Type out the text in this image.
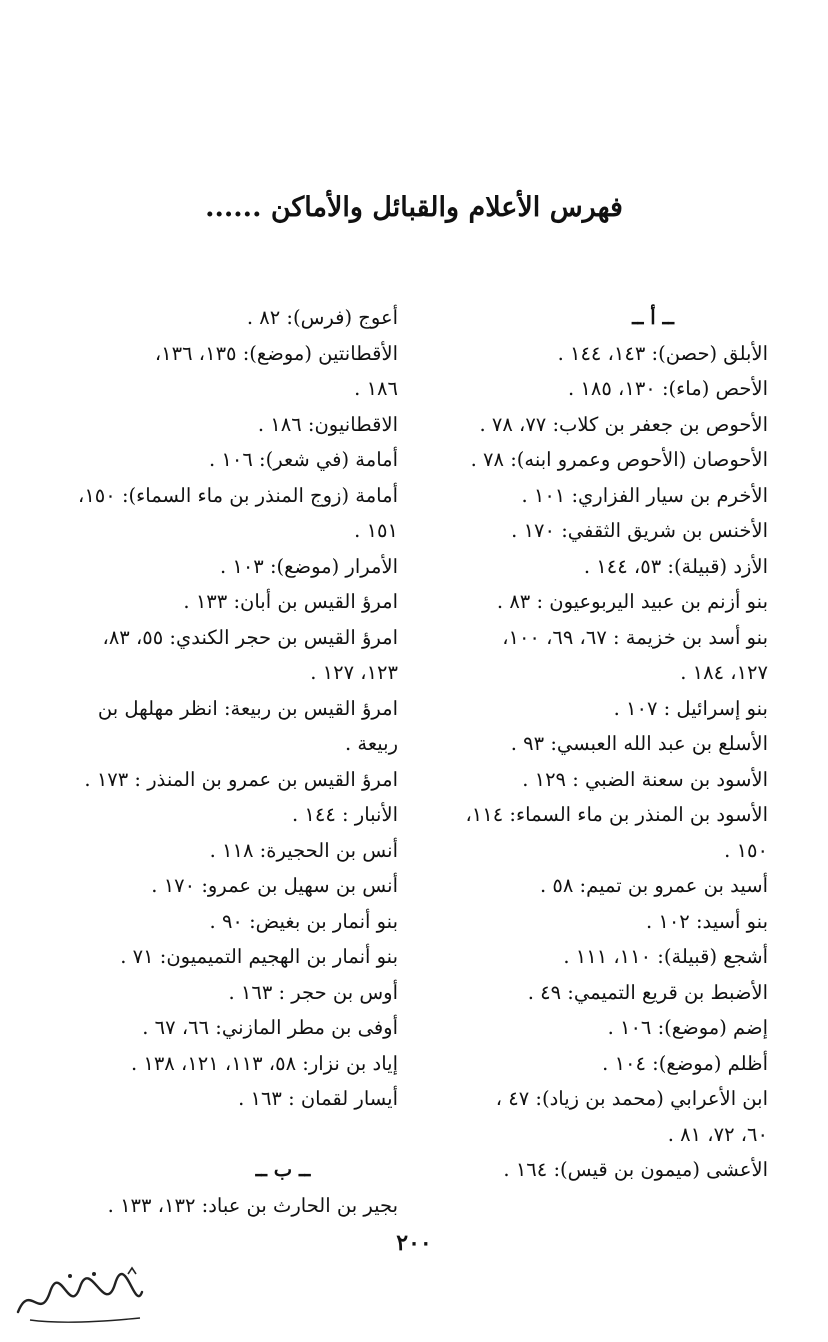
فهرس الأعلام والقبائل والأماكن ......
ــ أ ــ
الأبلق (حصن): ١٤٣، ١٤٤ .
الأحص (ماء): ١٣٠، ١٨٥ .
الأحوص بن جعفر بن كلاب: ٧٧، ٧٨ .
الأحوصان (الأحوص وعمرو ابنه): ٧٨ .
الأخرم بن سيار الفزاري: ١٠١ .
الأخنس بن شريق الثقفي: ١٧٠ .
الأزد (قبيلة): ٥٣، ١٤٤ .
بنو أزنم بن عبيد اليربوعيون : ٨٣ .
بنو أسد بن خزيمة : ٦٧، ٦٩، ١٠٠،
١٢٧، ١٨٤ .
بنو إسرائيل : ١٠٧ .
الأسلع بن عبد الله العبسي: ٩٣ .
الأسود بن سعنة الضبي : ١٢٩ .
الأسود بن المنذر بن ماء السماء: ١١٤،
١٥٠ .
أسيد بن عمرو بن تميم: ٥٨ .
بنو أسيد: ١٠٢ .
أشجع (قبيلة): ١١٠، ١١١ .
الأضبط بن قريع التميمي: ٤٩ .
إضم (موضع): ١٠٦ .
أظلم (موضع): ١٠٤ .
ابن الأعرابي (محمد بن زياد): ٤٧ ،
٦٠، ٧٢، ٨١ .
الأعشى (ميمون بن قيس): ١٦٤ .
أعوج (فرس): ٨٢ .
الأقطانتين (موضع): ١٣٥، ١٣٦،
١٨٦ .
الاقطانيون: ١٨٦ .
أمامة (في شعر): ١٠٦ .
أمامة (زوج المنذر بن ماء السماء): ١٥٠،
١٥١ .
الأمرار (موضع): ١٠٣ .
امرؤ القيس بن أبان: ١٣٣ .
امرؤ القيس بن حجر الكندي: ٥٥، ٨٣،
١٢٣، ١٢٧ .
امرؤ القيس بن ربيعة: انظر مهلهل بن
ربيعة .
امرؤ القيس بن عمرو بن المنذر : ١٧٣ .
الأنبار : ١٤٤ .
أنس بن الحجيرة: ١١٨ .
أنس بن سهيل بن عمرو: ١٧٠ .
بنو أنمار بن بغيض: ٩٠ .
بنو أنمار بن الهجيم التميميون: ٧١ .
أوس بن حجر : ١٦٣ .
أوفى بن مطر المازني: ٦٦، ٦٧ .
إياد بن نزار: ٥٨، ١١٣، ١٢١، ١٣٨ .
أيسار لقمان : ١٦٣ .

ــ ب ــ
بجير بن الحارث بن عباد: ١٣٢، ١٣٣ .
٢٠٠
